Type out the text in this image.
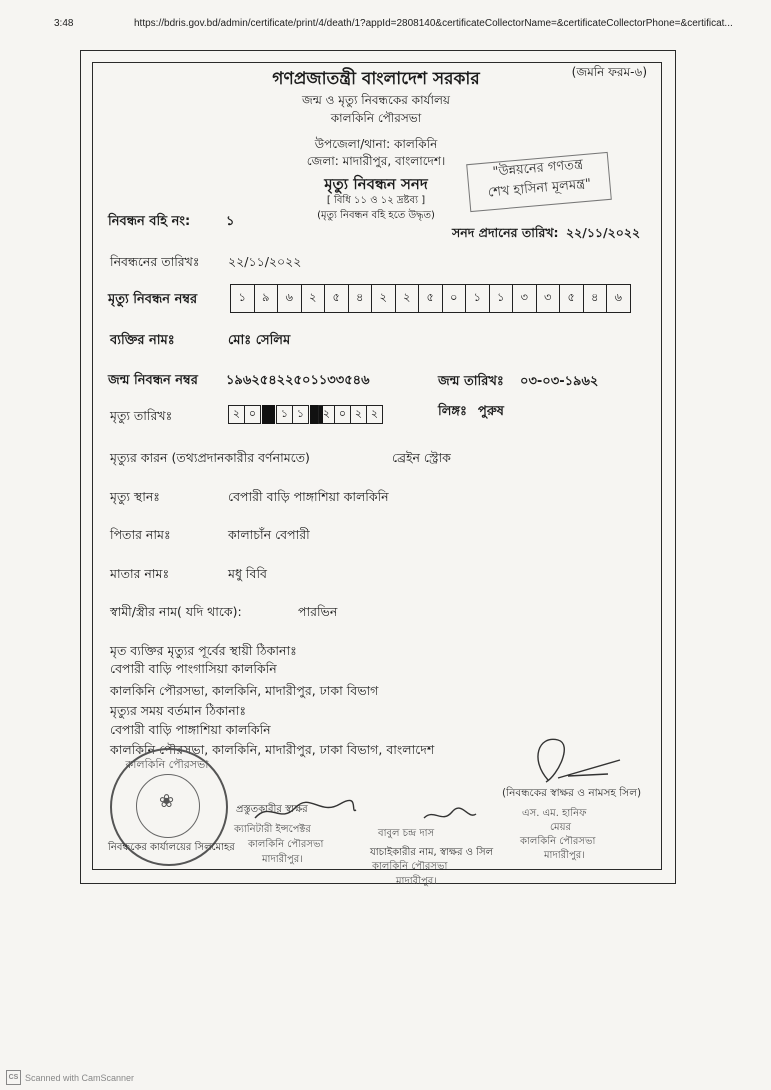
3:48	https://bdris.gov.bd/admin/certificate/print/4/death/1?appId=2808140&certificateCollectorName=&certificateCollectorPhone=&certificat...
গণপ্রজাতন্ত্রী বাংলাদেশ সরকার	(জমনি ফরম-৬)
জন্ম ও মৃত্যু নিবন্ধকের কার্যালয়
কালকিনি পৌরসভা
উপজেলা/থানা: কালকিনি
জেলা: মাদারীপুর, বাংলাদেশ।
মৃত্যু নিবন্ধন সনদ
[ বিধি ১১ ও ১২ দ্রষ্টব্য ]
(মৃত্যু নিবন্ধন বহি হতে উদ্ধৃত)
"উন্নয়নের গণতন্ত্র
শেখ হাসিনা মূলমন্ত্র"
নিবন্ধন বহি নং:	১
সনদ প্রদানের তারিখ: ২২/১১/২০২২
নিবন্ধনের তারিখঃ ২২/১১/২০২২
মৃত্যু নিবন্ধন নম্বর	১	৯	৬	২	৫	৪	২	২	৫	০	১	১	৩	৩	৫	৪	৬
ব্যক্তির নামঃ	মোঃ সেলিম
জন্ম নিবন্ধন নম্বর ১৯৬২৫৪২২৫০১১৩৩৫৪৬	জন্ম তারিখঃ ০৩-০৩-১৯৬২
মৃত্যু তারিখঃ	২ ০	১ ১	২ ০ ২ ২	লিঙ্গঃ পুরুষ
মৃত্যুর কারন (তথ্যপ্রদানকারীর বর্ণনামতে)	ব্রেইন স্ট্রোক
মৃত্যু স্থানঃ	বেপারী বাড়ি পাঙ্গাশিয়া কালকিনি
পিতার নামঃ	কালাচাঁন বেপারী
মাতার নামঃ	মধু বিবি
স্বামী/স্ত্রীর নাম( যদি থাকে):	পারভিন
মৃত ব্যক্তির মৃত্যুর পূর্বের স্থায়ী ঠিকানাঃ
বেপারী বাড়ি পাংগাসিয়া কালকিনি
কালকিনি পৌরসভা, কালকিনি, মাদারীপুর, ঢাকা বিভাগ
মৃত্যুর সময় বর্তমান ঠিকানাঃ
বেপারী বাড়ি পাঙ্গাশিয়া কালকিনি
কালকিনি পৌরসভা, কালকিনি, মাদারীপুর, ঢাকা বিভাগ, বাংলাদেশ
কালকিনি পৌরসভা
❀	প্রস্তুতকারীর স্বাক্ষর
ক্যানিটারী ইন্সপেক্টর
কালকিনি পৌরসভা
মাদারীপুর।
নিবন্ধকের কার্যালয়ের সিলমোহর
বাবুল চন্দ্র দাস
যাচাইকারীর নাম, স্বাক্ষর ও সিল
কালকিনি পৌরসভা
মাদারীপুর।
(নিবন্ধকের স্বাক্ষর ও নামসহ সিল)
এস. এম. হানিফ
মেয়র
কালকিনি পৌরসভা
মাদারীপুর।
CS Scanned with CamScanner
